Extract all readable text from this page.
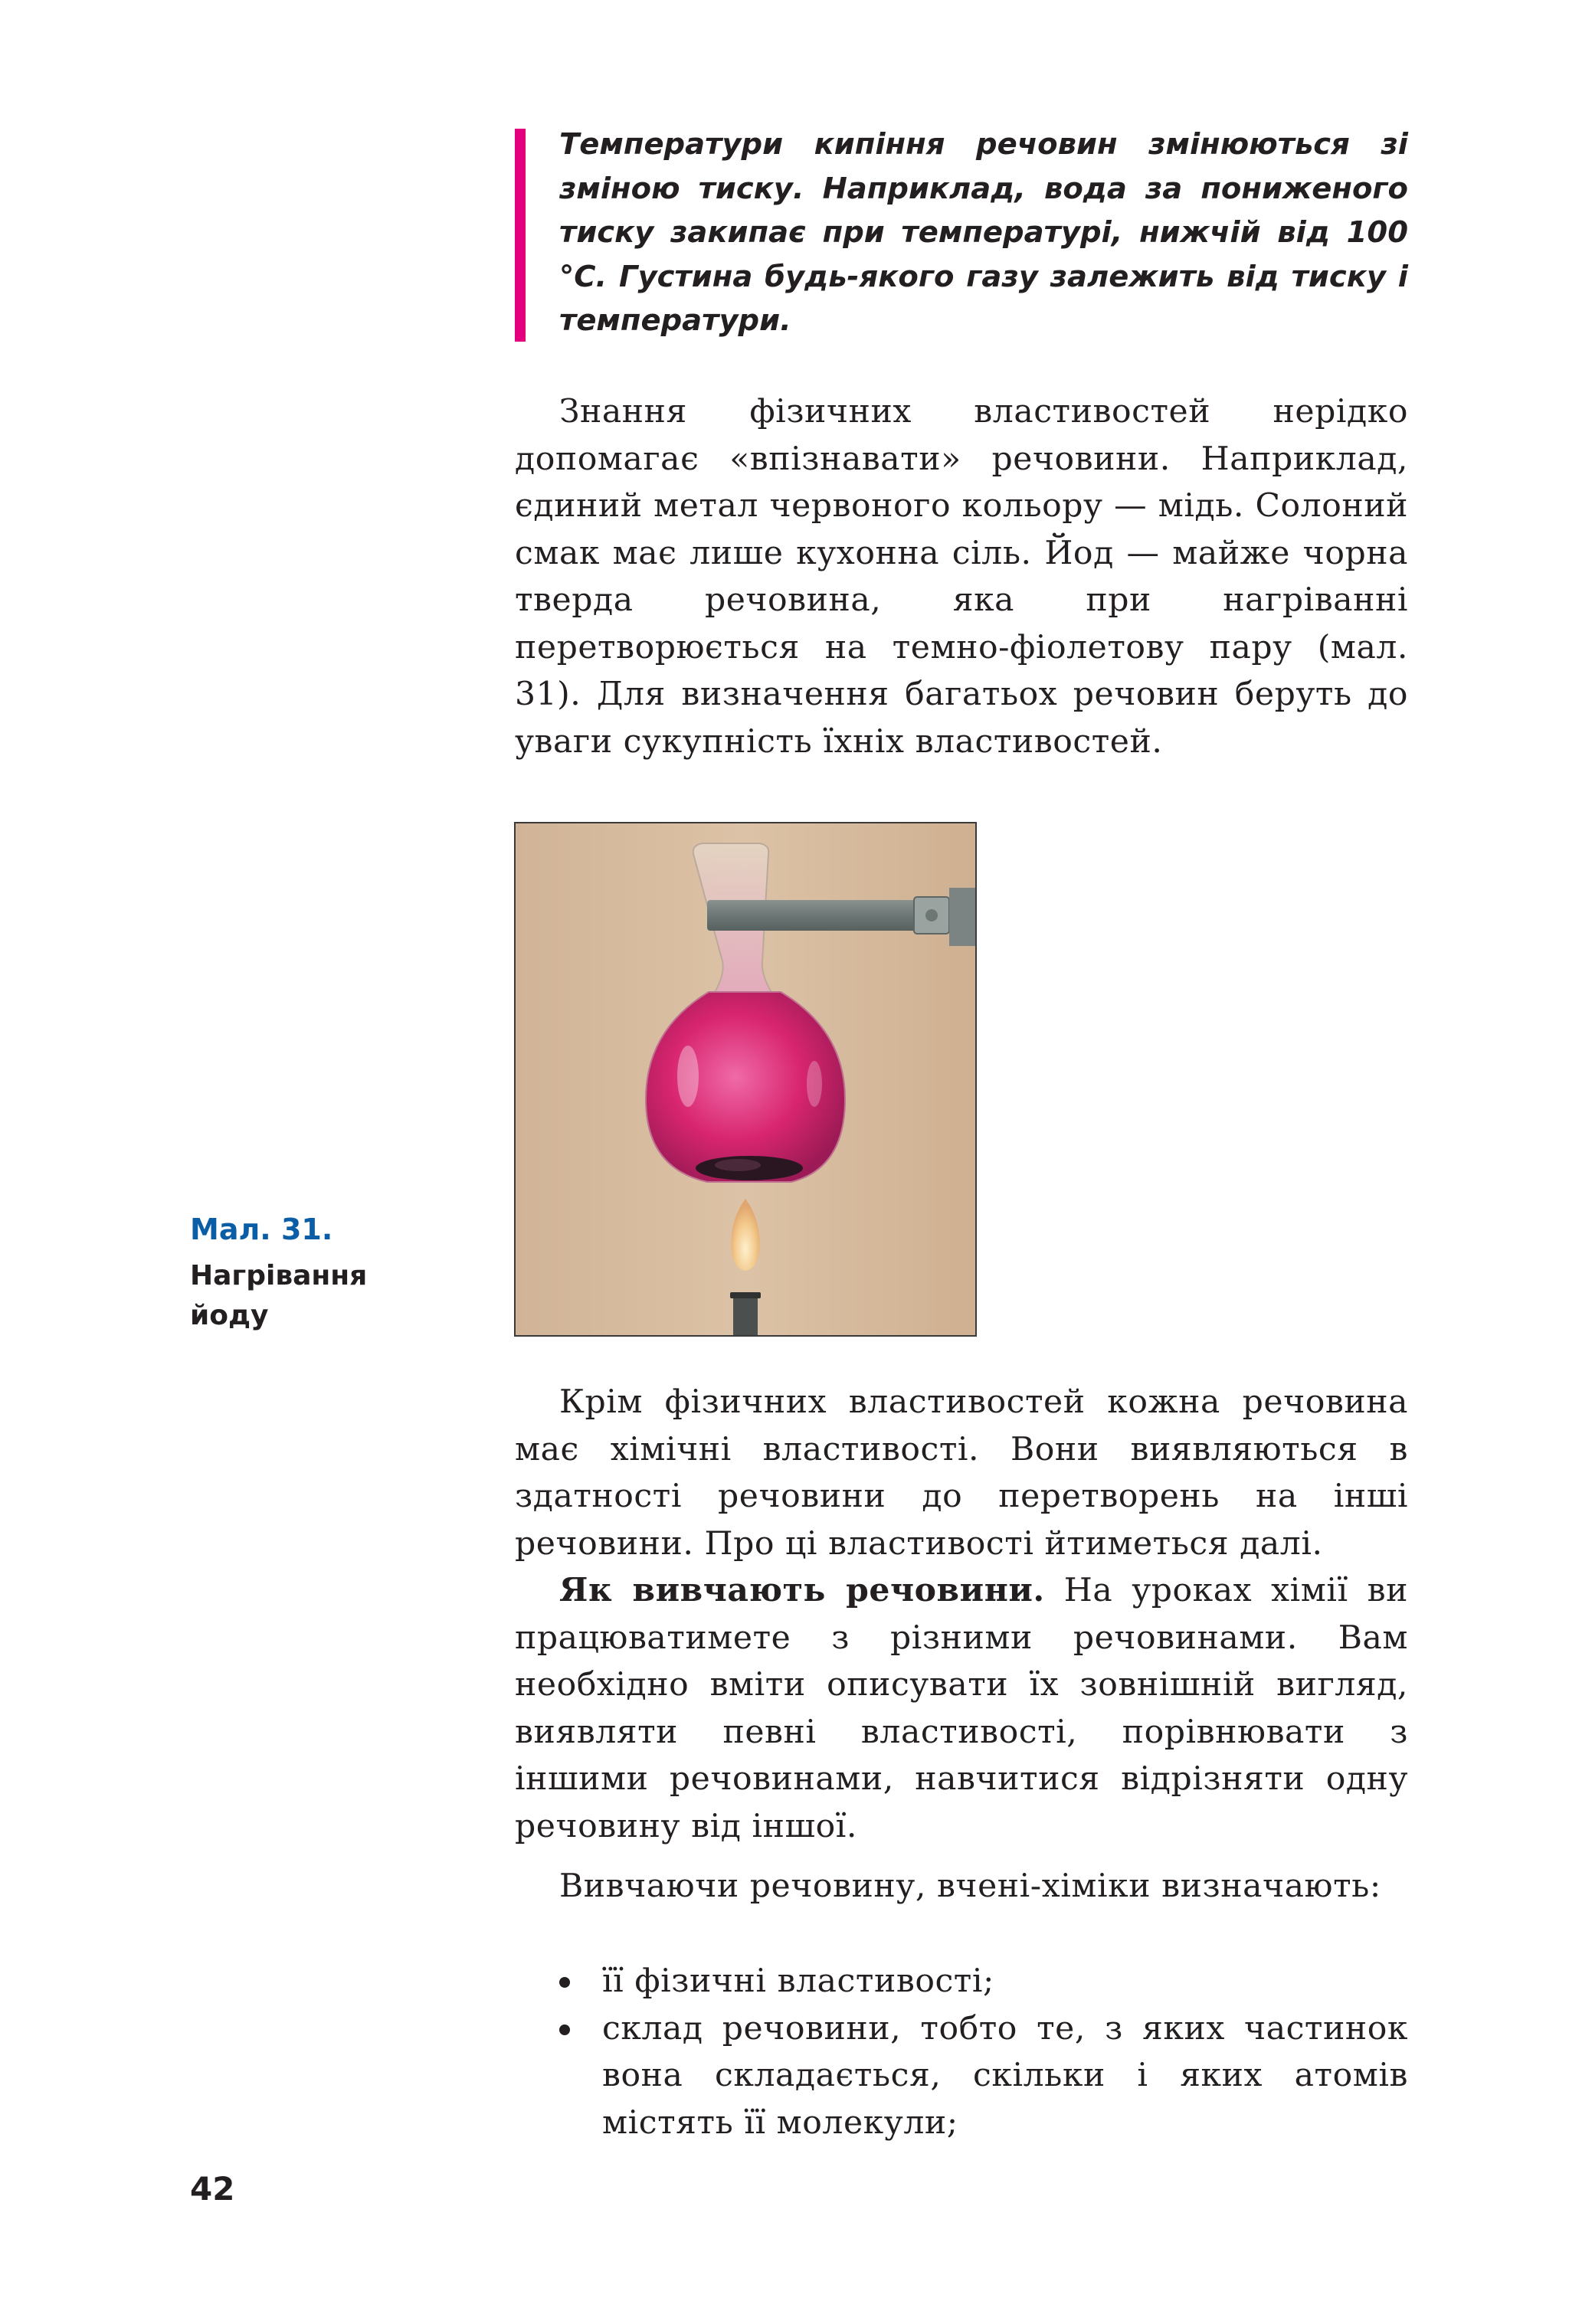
Температури кипіння речовин змінюються зі зміною тиску. Наприклад, вода за пониженого тиску закипає при температурі, нижчій від 100 °С. Густина будь-якого газу залежить від тиску і температури.

Знання фізичних властивостей нерідко допомагає «впізнавати» речовини. Наприклад, єдиний метал червоного кольору — мідь. Солоний смак має лише кухонна сіль. Йод — майже чорна тверда речовина, яка при нагріванні перетворюється на темно-фіолетову пару (мал. 31). Для визначення багатьох речовин беруть до уваги сукупність їхніх властивостей.

Мал. 31.
Нагрівання йоду

Крім фізичних властивостей кожна речовина має хімічні властивості. Вони виявляються в здатності речовини до перетворень на інші речовини. Про ці властивості йтиметься далі.

Як вивчають речовини. На уроках хімії ви працюватимете з різними речовинами. Вам необхідно вміти описувати їх зовнішній вигляд, виявляти певні властивості, порівнювати з іншими речовинами, навчитися відрізняти одну речовину від іншої.

Вивчаючи речовину, вчені-хіміки визначають:

її фізичні властивості;
склад речовини, тобто те, з яких частинок вона складається, скільки і яких атомів містять її молекули;
42
